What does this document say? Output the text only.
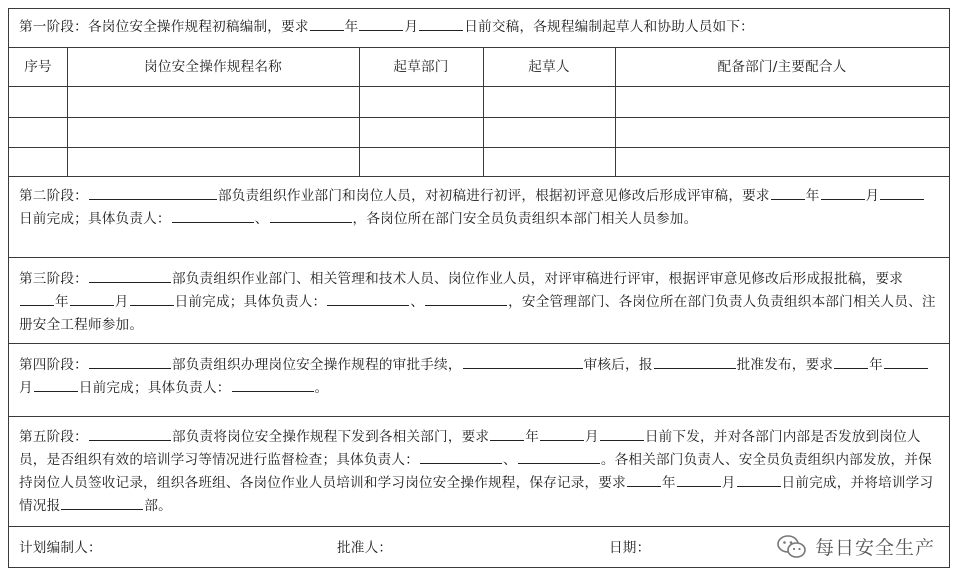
第一阶段：各岗位安全操作规程初稿编制，要求	年	月	日前交稿，各规程编制起草人和协助人员如下：
序号	岗位安全操作规程名称	起草部门	起草人	配备部门/主要配合人
第二阶段：	部负责组织作业部门和岗位人员，对初稿进行初评，根据初评意见修改后形成评审稿，要求	年	月日前完成；具体负责人：	、	，各岗位所在部门安全员负责组织本部门相关人员参加。
第三阶段：	部负责组织作业部门、相关管理和技术人员、岗位作业人员，对评审稿进行评审，根据评审意见修改后形成报批稿，要求年	月	日前完成；具体负责人：	、	，安全管理部门、各岗位所在部门负责人负责组织本部门相关人员、注册安全工程师参加。
第四阶段：	部负责组织办理岗位安全操作规程的审批手续，	审核后，报	批准发布，要求	年月	日前完成；具体负责人：	。
第五阶段：	部负责将岗位安全操作规程下发到各相关部门，要求	年	月	日前下发，并对各部门内部是否发放到岗位人员，是否组织有效的培训学习等情况进行监督检查；具体负责人：	、	。各相关部门负责人、安全员负责组织内部发放，并保持岗位人员签收记录，组织各班组、各岗位作业人员培训和学习岗位安全操作规程，保存记录，要求	年	月	日前完成，并将培训学习情况报	部。
计划编制人：	批准人：	日期：	每日安全生产
